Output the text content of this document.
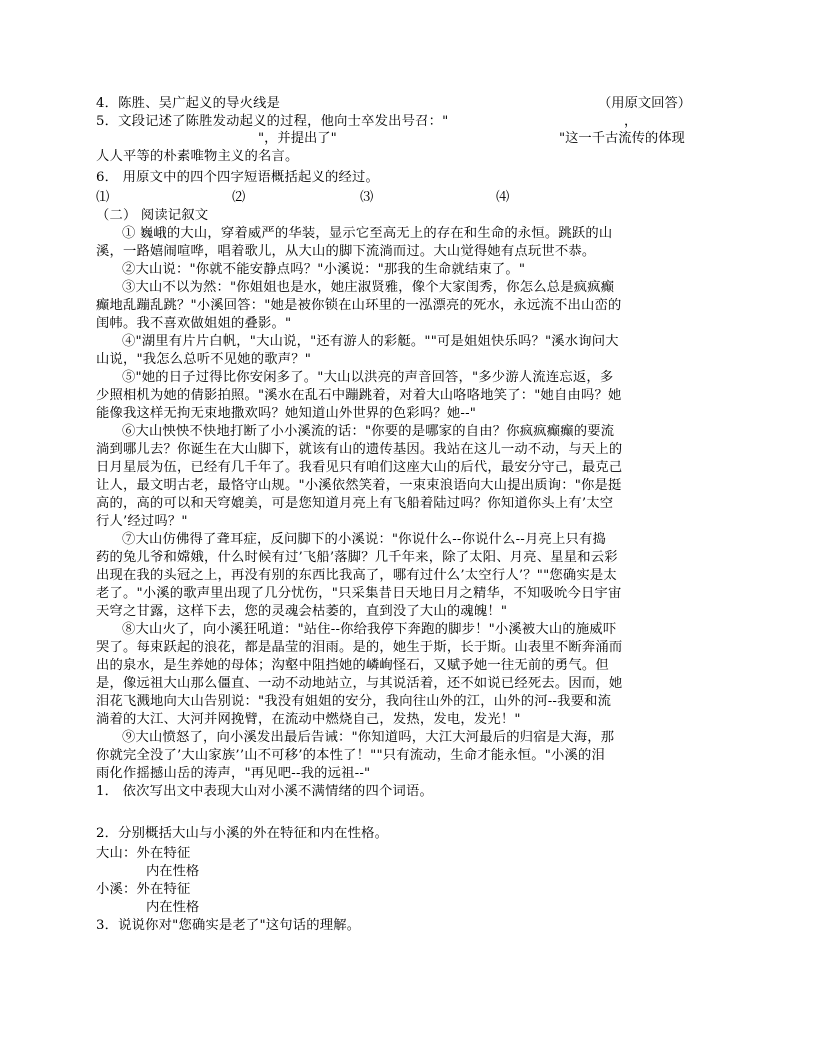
4．陈胜、吴广起义的导火线是	（用原文回答）
5．文段记述了陈胜发动起义的过程，他向士卒发出号召："	，
"，并提出了"	"这一千古流传的体现
人人平等的朴素唯物主义的名言。
6． 用原文中的四个四字短语概括起义的经过。
⑴	⑵	⑶	⑷
（二） 阅读记叙文
① 巍峨的大山，穿着威严的华装，显示它至高无上的存在和生命的永恒。跳跃的山
溪，一路嬉闹喧哗，唱着歌儿，从大山的脚下流淌而过。大山觉得她有点玩世不恭。
②大山说："你就不能安静点吗？"小溪说："那我的生命就结束了。"
③大山不以为然："你姐姐也是水，她庄淑贤雅，像个大家闺秀，你怎么总是疯疯癫
癫地乱蹦乱跳？"小溪回答："她是被你锁在山环里的一泓漂亮的死水，永远流不出山峦的
闺帏。我不喜欢做姐姐的叠影。"
④"湖里有片片白帆，"大山说，"还有游人的彩艇。""可是姐姐快乐吗？"溪水询问大
山说，"我怎么总听不见她的歌声？"
⑤"她的日子过得比你安闲多了。"大山以洪亮的声音回答，"多少游人流连忘返，多
少照相机为她的倩影拍照。"溪水在乱石中蹦跳着，对着大山咯咯地笑了："她自由吗？她
能像我这样无拘无束地撒欢吗？她知道山外世界的色彩吗？她--"
⑥大山怏怏不快地打断了小小溪流的话："你要的是哪家的自由？你疯疯癫癫的要流
淌到哪儿去？你诞生在大山脚下，就该有山的遗传基因。我站在这儿一动不动，与天上的
日月星辰为伍，已经有几千年了。我看见只有咱们这座大山的后代，最安分守己，最克己
让人，最文明古老，最恪守山规。"小溪依然笑着，一束束浪语向大山提出质询："你是挺
高的，高的可以和天穹媲美，可是您知道月亮上有飞船着陆过吗？你知道你头上有’太空
行人’经过吗？"
⑦大山仿佛得了聋耳症，反问脚下的小溪说："你说什么--你说什么--月亮上只有捣
药的兔儿爷和嫦娥，什么时候有过’飞船’落脚？几千年来，除了太阳、月亮、星星和云彩
出现在我的头冠之上，再没有别的东西比我高了，哪有过什么’太空行人’？""您确实是太
老了。"小溪的歌声里出现了几分忧伤，"只采集昔日天地日月之精华，不知吸吮今日宇宙
天穹之甘露，这样下去，您的灵魂会枯萎的，直到没了大山的魂魄！"
⑧大山火了，向小溪狂吼道："站住--你给我停下奔跑的脚步！"小溪被大山的施威吓
哭了。每束跃起的浪花，都是晶莹的泪雨。是的，她生于斯，长于斯。山表里不断奔涌而
出的泉水，是生养她的母体；沟壑中阻挡她的嶙峋怪石，又赋予她一往无前的勇气。但
是，像远祖大山那么僵直、一动不动地站立，与其说活着，还不如说已经死去。因而，她
泪花飞溅地向大山告别说："我没有姐姐的安分，我向往山外的江，山外的河--我要和流
淌着的大江、大河并网挽臂，在流动中燃烧自己，发热，发电，发光！"
⑨大山愤怒了，向小溪发出最后告诫："你知道吗，大江大河最后的归宿是大海，那
你就完全没了’大山家族’’山不可移’的本性了！""只有流动，生命才能永恒。"小溪的泪
雨化作摇撼山岳的涛声，"再见吧--我的远祖--"
1． 依次写出文中表现大山对小溪不满情绪的四个词语。
2．分别概括大山与小溪的外在特征和内在性格。
大山：外在特征
内在性格
小溪：外在特征
内在性格
3．说说你对"您确实是老了"这句话的理解。
